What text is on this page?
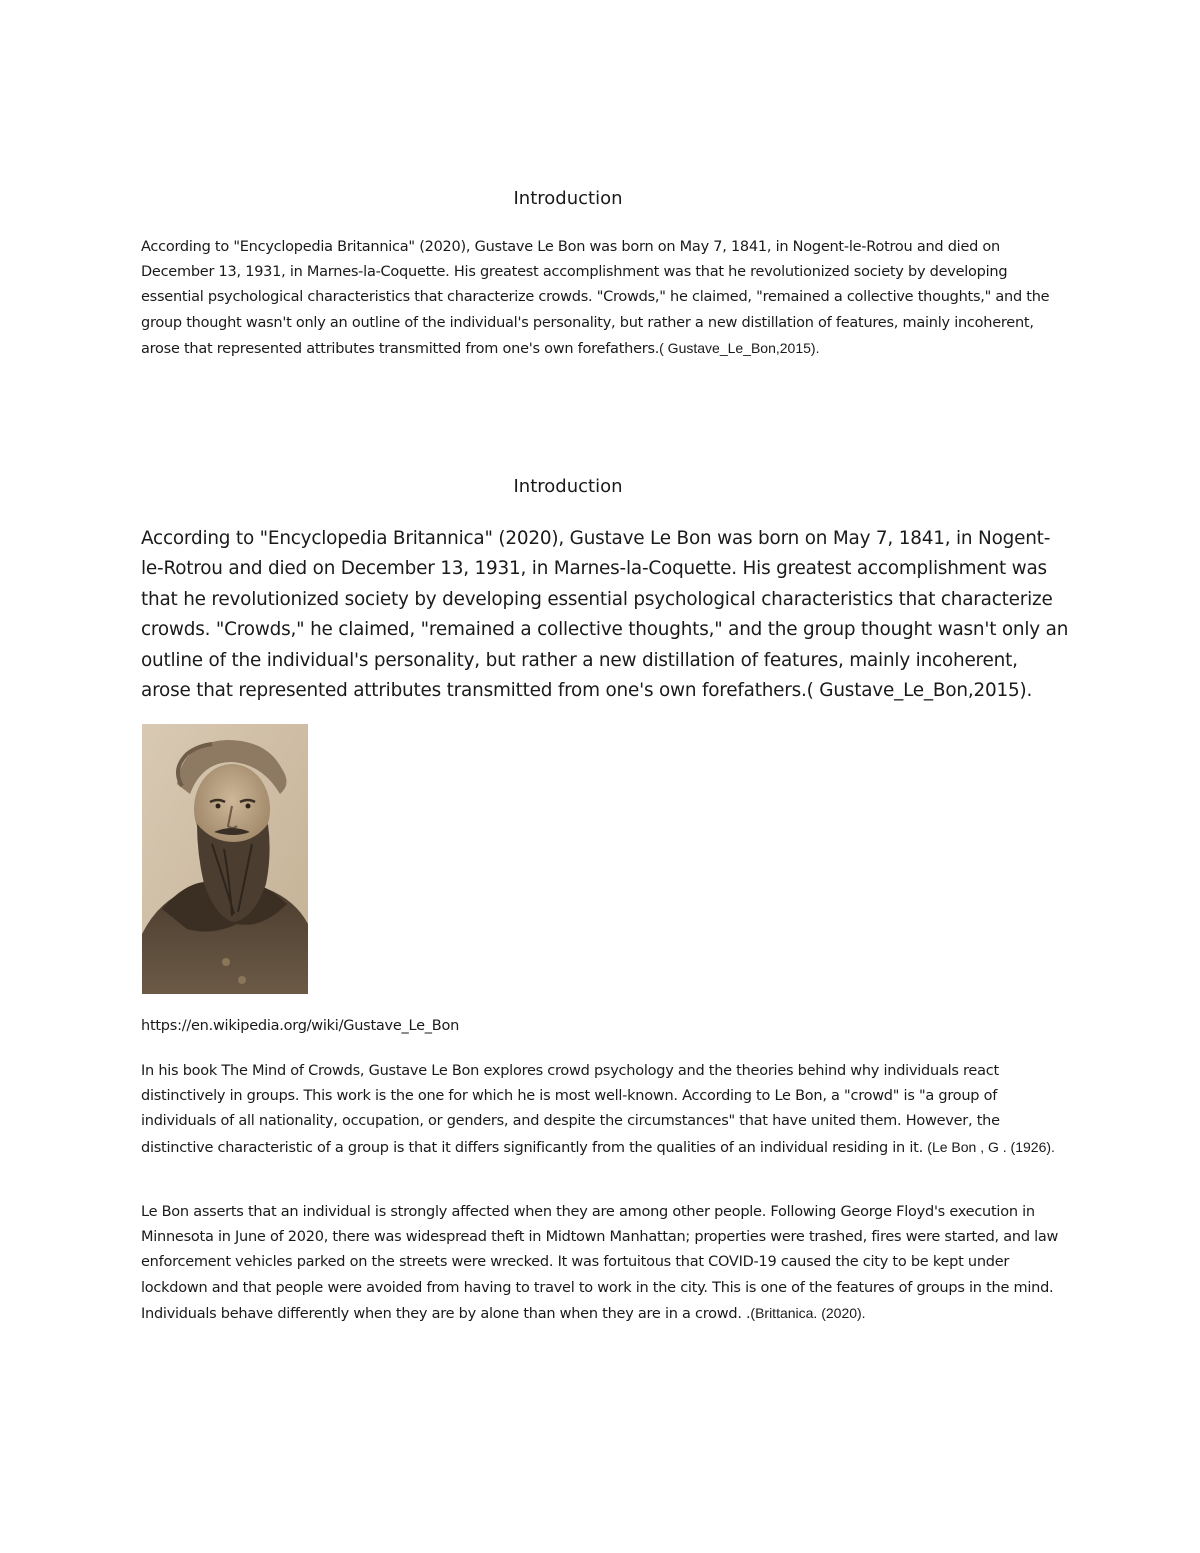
Introduction

According to "Encyclopedia Britannica" (2020), Gustave Le Bon was born on May 7, 1841, in Nogent-le-Rotrou and died on December 13, 1931, in Marnes-la-Coquette. His greatest accomplishment was that he revolutionized society by developing essential psychological characteristics that characterize crowds. "Crowds," he claimed, "remained a collective thoughts," and the group thought wasn't only an outline of the individual's personality, but rather a new distillation of features, mainly incoherent, arose that represented attributes transmitted from one's own forefathers.( Gustave_Le_Bon,2015).

Introduction

According to "Encyclopedia Britannica" (2020), Gustave Le Bon was born on May 7, 1841, in Nogent-le-Rotrou and died on December 13, 1931, in Marnes-la-Coquette. His greatest accomplishment was that he revolutionized society by developing essential psychological characteristics that characterize crowds. "Crowds," he claimed, "remained a collective thoughts," and the group thought wasn't only an outline of the individual's personality, but rather a new distillation of features, mainly incoherent, arose that represented attributes transmitted from one's own forefathers.( Gustave_Le_Bon,2015).

https://en.wikipedia.org/wiki/Gustave_Le_Bon

In his book The Mind of Crowds, Gustave Le Bon explores crowd psychology and the theories behind why individuals react distinctively in groups. This work is the one for which he is most well-known. According to Le Bon, a "crowd" is "a group of individuals of all nationality, occupation, or genders, and despite the circumstances" that have united them. However, the distinctive characteristic of a group is that it differs significantly from the qualities of an individual residing in it. (Le Bon , G . (1926).

Le Bon asserts that an individual is strongly affected when they are among other people. Following George Floyd's execution in Minnesota in June of 2020, there was widespread theft in Midtown Manhattan; properties were trashed, fires were started, and law enforcement vehicles parked on the streets were wrecked. It was fortuitous that COVID-19 caused the city to be kept under lockdown and that people were avoided from having to travel to work in the city. This is one of the features of groups in the mind. Individuals behave differently when they are by alone than when they are in a crowd. .(Brittanica. (2020).
